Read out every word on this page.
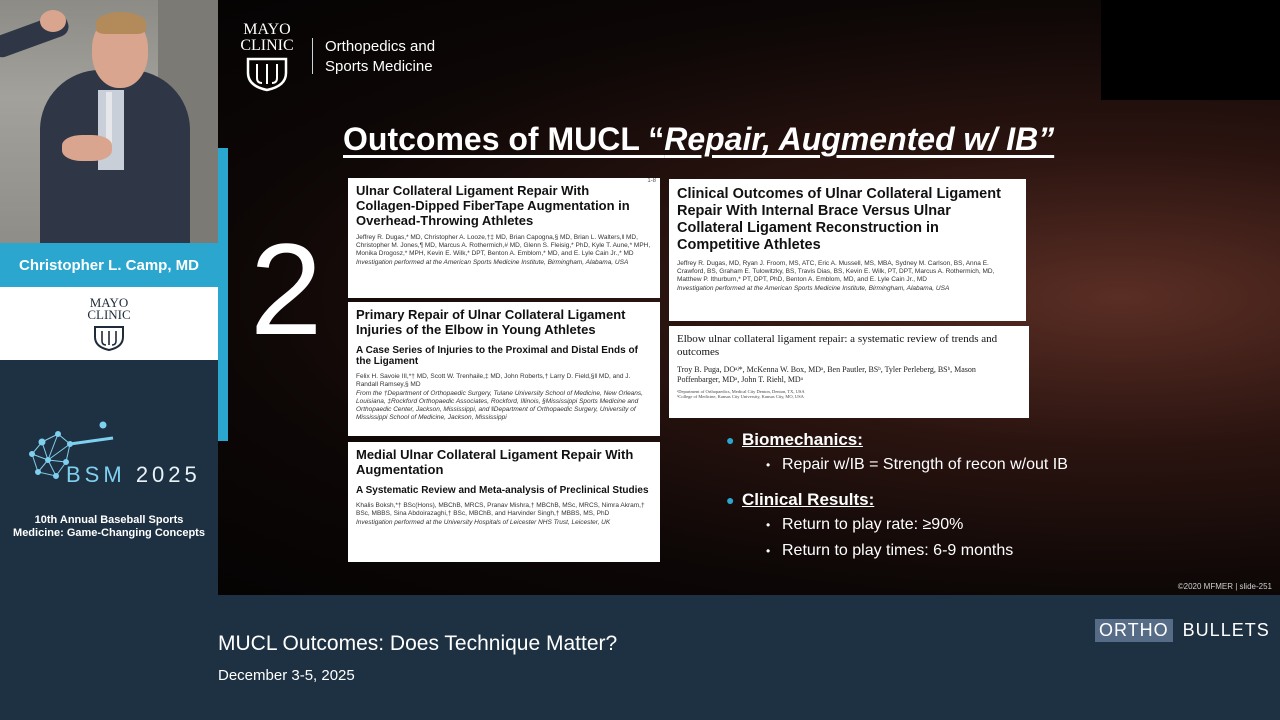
Christopher L. Camp, MD
MAYO
CLINIC
BSM 2025
10th Annual Baseball Sports
Medicine: Game-Changing Concepts
MAYO
CLINIC Orthopedics and
Sports Medicine
Outcomes of MUCL “Repair, Augmented w/ IB”
2
1-8
Ulnar Collateral Ligament Repair With Collagen-Dipped FiberTape Augmentation in Overhead-Throwing Athletes

Jeffrey R. Dugas,* MD, Christopher A. Looze,†‡ MD, Brian Capogna,§ MD, Brian L. Walters,‖ MD, Christopher M. Jones,¶ MD, Marcus A. Rothermich,# MD, Glenn S. Fleisig,* PhD, Kyle T. Aune,* MPH, Monika Drogosz,* MPH, Kevin E. Wilk,* DPT, Benton A. Emblom,* MD, and E. Lyle Cain Jr.,* MD

Investigation performed at the American Sports Medicine Institute, Birmingham, Alabama, USA

Primary Repair of Ulnar Collateral Ligament Injuries of the Elbow in Young Athletes
A Case Series of Injuries to the Proximal and Distal Ends of the Ligament

Felix H. Savoie III,*† MD, Scott W. Trenhaile,‡ MD, John Roberts,† Larry D. Field,§‖ MD, and J. Randall Ramsey,§ MD

From the †Department of Orthopaedic Surgery, Tulane University School of Medicine, New Orleans, Louisiana, ‡Rockford Orthopaedic Associates, Rockford, Illinois, §Mississippi Sports Medicine and Orthopaedic Center, Jackson, Mississippi, and ‖Department of Orthopaedic Surgery, University of Mississippi School of Medicine, Jackson, Mississippi

Medial Ulnar Collateral Ligament Repair With Augmentation
A Systematic Review and Meta-analysis of Preclinical Studies

Khalis Boksh,*† BSc(Hons), MBChB, MRCS, Pranav Mishra,† MBChB, MSc, MRCS, Nimra Akram,† BSc, MBBS, Sina Abdoirazaghi,† BSc, MBChB, and Harvinder Singh,† MBBS, MS, PhD

Investigation performed at the University Hospitals of Leicester NHS Trust, Leicester, UK

Clinical Outcomes of Ulnar Collateral Ligament Repair With Internal Brace Versus Ulnar Collateral Ligament Reconstruction in Competitive Athletes

Jeffrey R. Dugas, MD, Ryan J. Froom, MS, ATC, Eric A. Mussell, MS, MBA, Sydney M. Carlson, BS, Anna E. Crawford, BS, Graham E. Tulowitzky, BS, Travis Dias, BS, Kevin E. Wilk, PT, DPT, Marcus A. Rothermich, MD, Matthew P. Ithurburn,* PT, DPT, PhD, Benton A. Emblom, MD, and E. Lyle Cain Jr., MD

Investigation performed at the American Sports Medicine Institute, Birmingham, Alabama, USA

Elbow ulnar collateral ligament repair: a systematic review of trends and outcomes

Troy B. Puga, DOᵃʲ*, McKenna W. Box, MDᵃ, Ben Pautler, BSᵇ, Tyler Perleberg, BSᵇ, Mason Poffenbarger, MDᵃ, John T. Riehl, MDᵃ

ᵃDepartment of Orthopaedics, Medical City Denton, Denton, TX, USA

ᵇCollege of Medicine, Kansas City University, Kansas City, MO, USA

● Biomechanics:
• Repair w/IB = Strength of recon w/out IB
● Clinical Results:
• Return to play rate: ≥90%
• Return to play times: 6-9 months
©2020 MFMER | slide-251
MUCL Outcomes: Does Technique Matter?
December 3-5, 2025
ORTHO BULLETS
